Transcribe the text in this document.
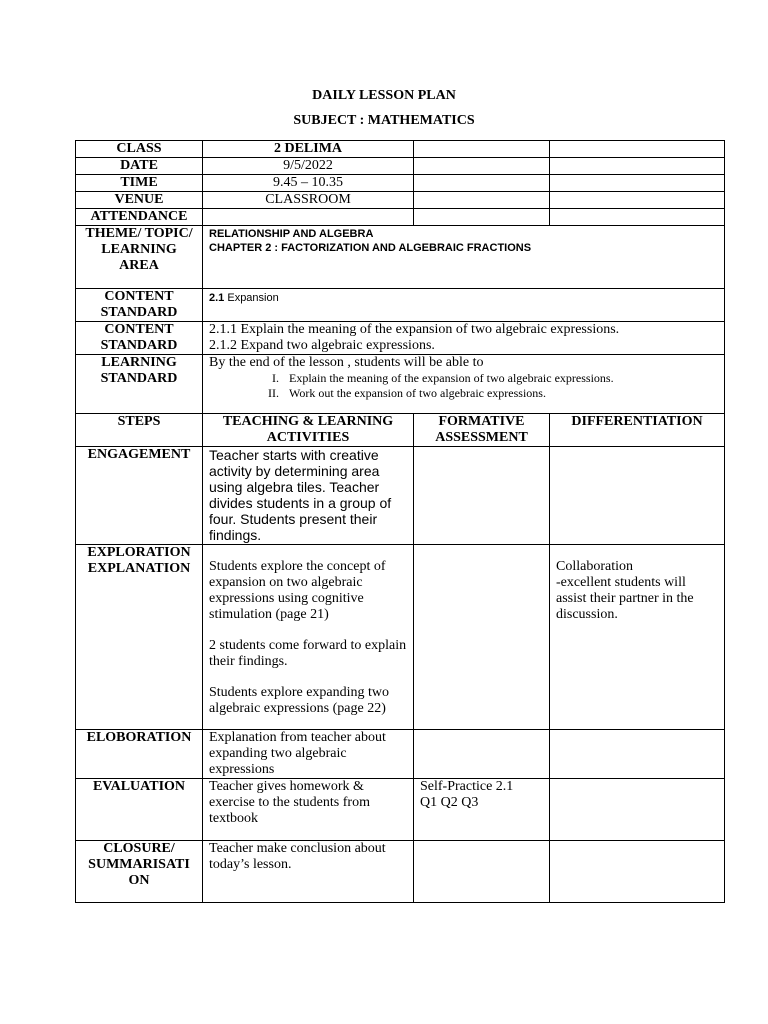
DAILY LESSON PLAN
SUBJECT : MATHEMATICS
CLASS	2 DELIMA		
DATE	9/5/2022		
TIME	9.45 – 10.35		
VENUE	CLASSROOM		
ATTENDANCE			
THEME/ TOPIC/ LEARNING AREA	RELATIONSHIP AND ALGEBRA
CHAPTER 2 : FACTORIZATION AND ALGEBRAIC FRACTIONS		

CONTENT STANDARD	2.1 Expansion		
CONTENT STANDARD	2.1.1 Explain the meaning of the expansion of two algebraic expressions.
2.1.2 Expand two algebraic expressions.		

LEARNING STANDARD	By the end of the lesson , students will be able to
I. Explain the meaning of the expansion of two algebraic expressions.
II. Work out the expansion of two algebraic expressions.		

STEPS	TEACHING & LEARNING ACTIVITIES	FORMATIVE ASSESSMENT	DIFFERENTIATION
ENGAGEMENT	Teacher starts with creative activity by determining area using algebra tiles. Teacher divides students in a group of four. Students present their findings.		
EXPLORATION EXPLANATION	Students explore the concept of expansion on two algebraic expressions using cognitive stimulation (page 21)
2 students come forward to explain their findings.
Students explore expanding two algebraic expressions (page 22)		Collaboration
-excellent students will assist their partner in the discussion.

ELOBORATION	Explanation from teacher about expanding two algebraic expressions		
EVALUATION	Teacher gives homework & exercise to the students from textbook	Self-Practice 2.1
Q1 Q2 Q3	

CLOSURE/ SUMMARISATI ON	Teacher make conclusion about today’s lesson.		
